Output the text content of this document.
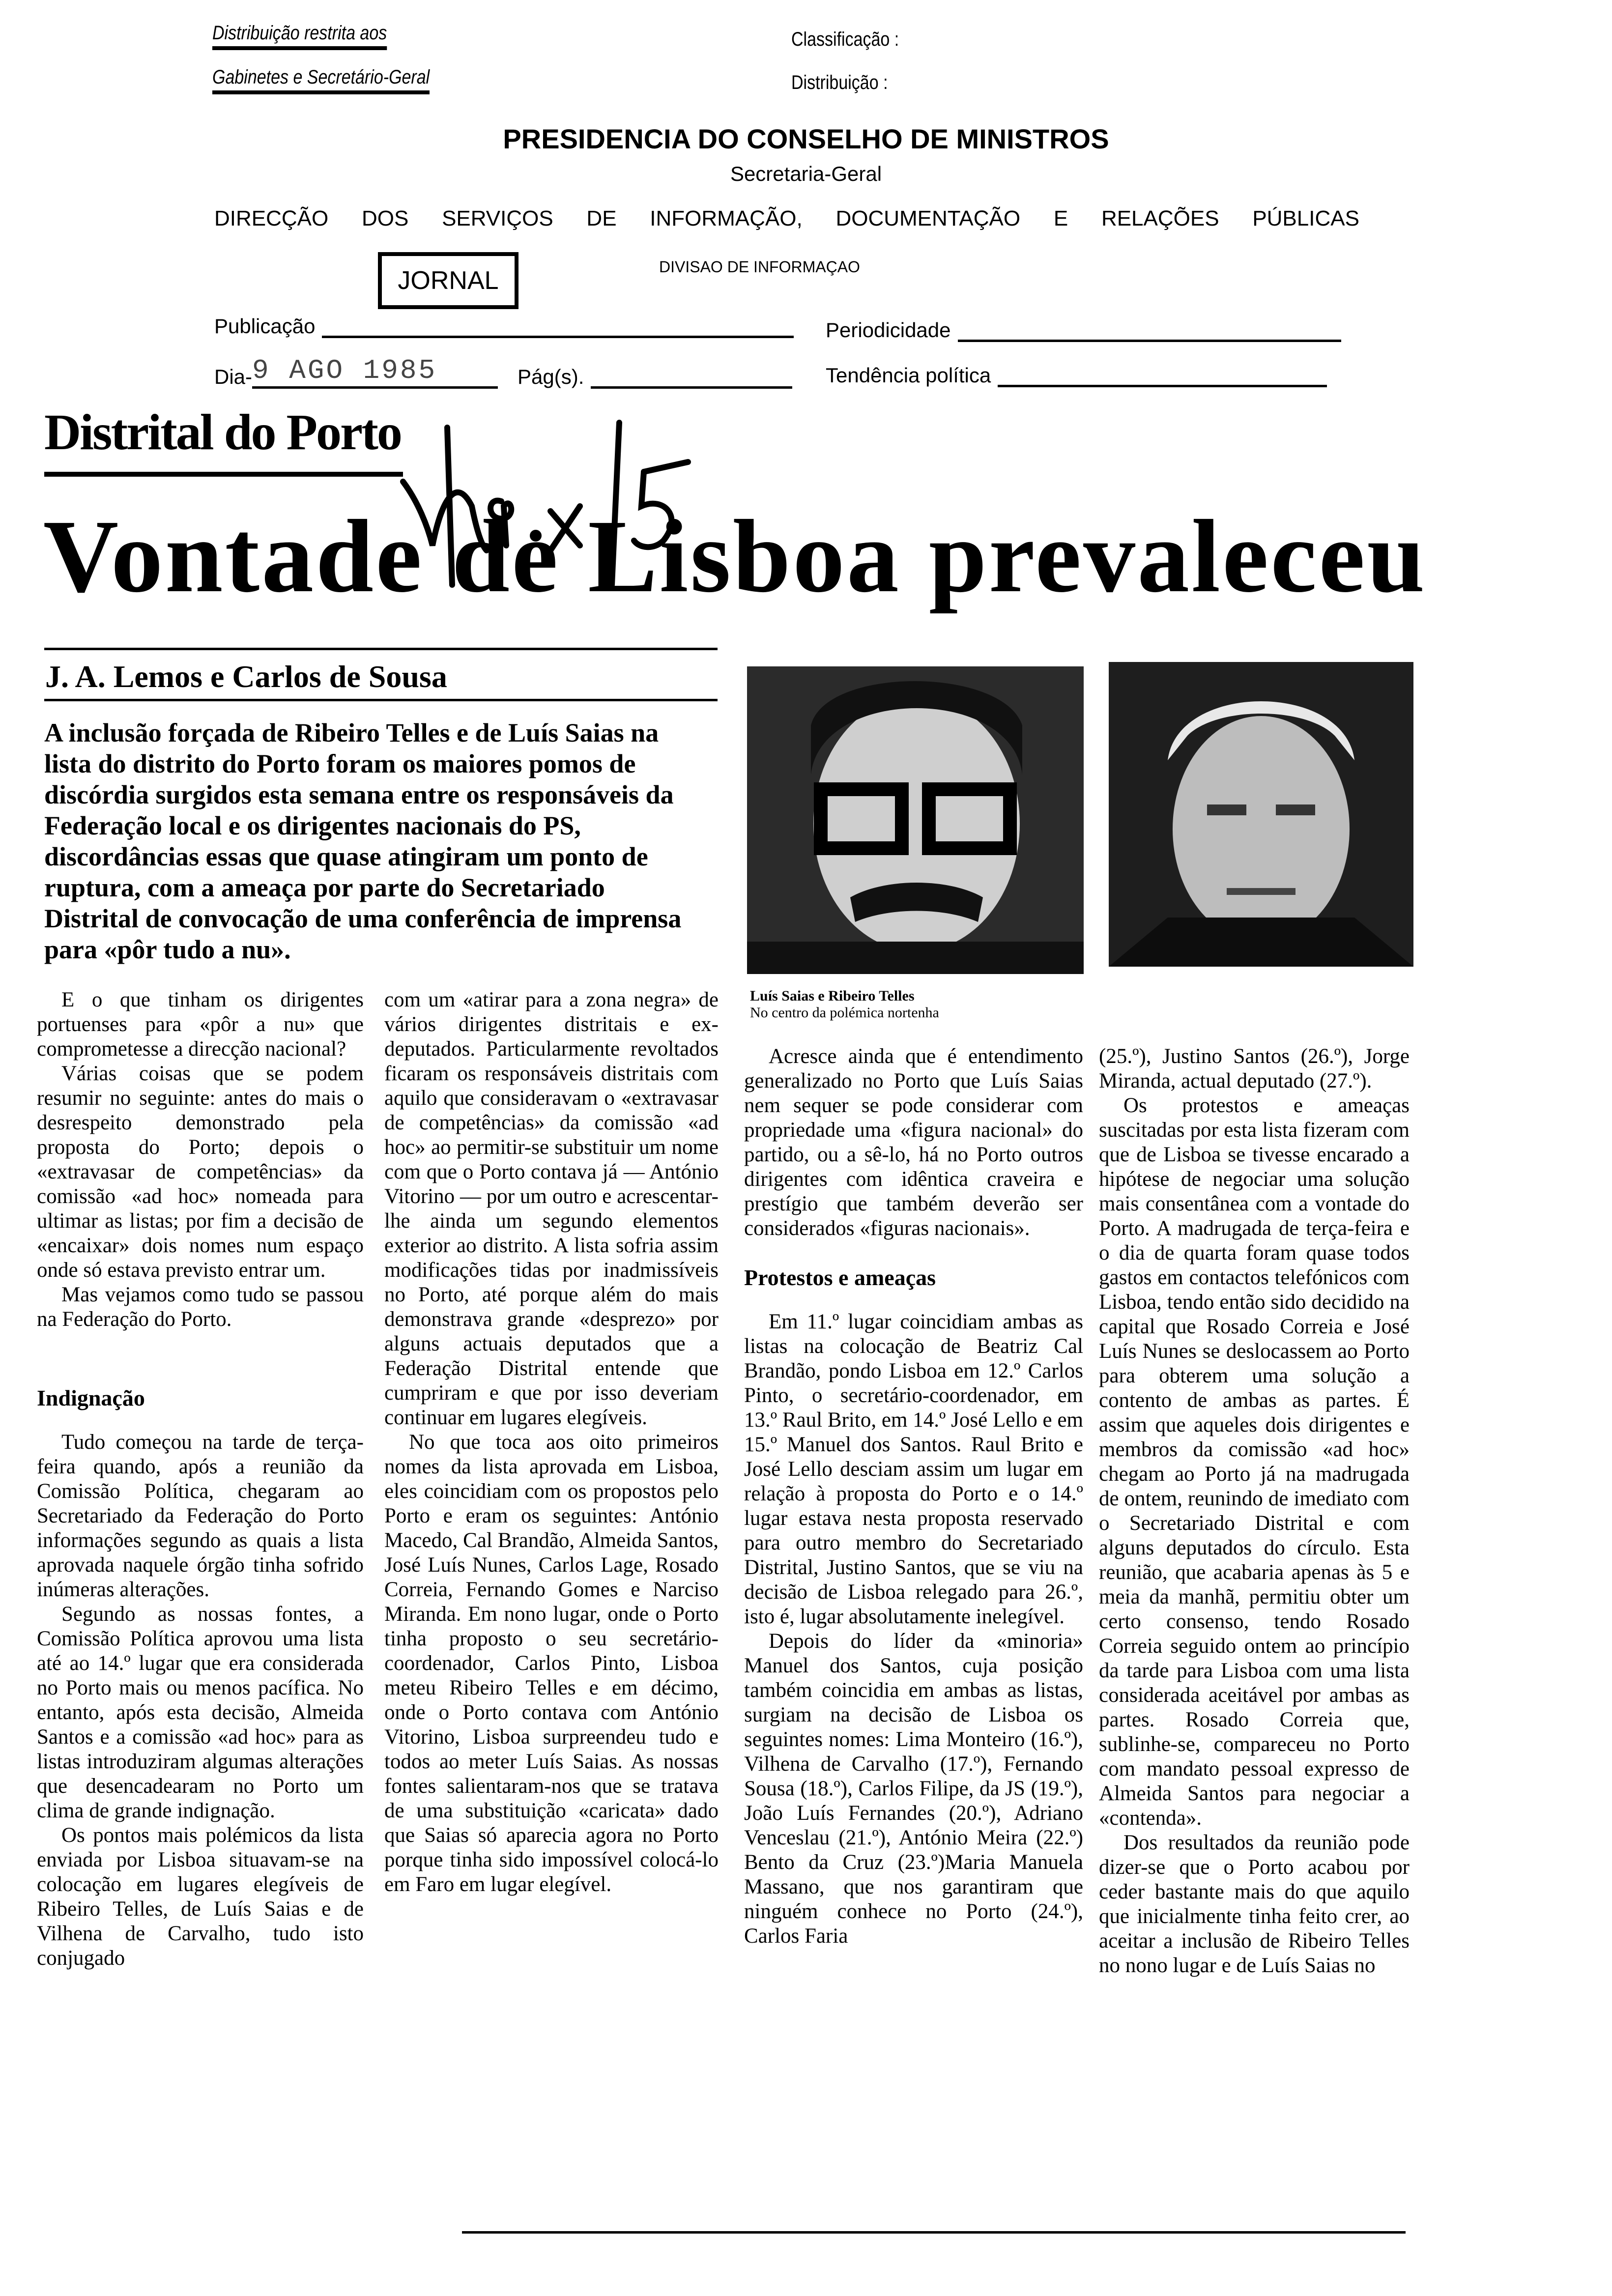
Distribuição restrita aos
Gabinetes e Secretário-Geral
Classificação :
Distribuição :
PRESIDENCIA DO CONSELHO DE MINISTROS
Secretaria-Geral
DIRECÇÃO DOS SERVIÇOS DE INFORMAÇÃO, DOCUMENTAÇÃO E RELAÇÕES PÚBLICAS
JORNAL	DIVISAO DE INFORMAÇAO
Publicação	Periodicidade
Dia- 9 AGO 1985	Pág(s).	Tendência política
Distrital do Porto
Vontade de Lisboa prevaleceu
J. A. Lemos e Carlos de Sousa
A inclusão forçada de Ribeiro Telles e de Luís Saias na lista do distrito do Porto foram os maiores pomos de discórdia surgidos esta semana entre os responsáveis da Federação local e os dirigentes nacionais do PS, discordâncias essas que quase atingiram um ponto de ruptura, com a ameaça por parte do Secretariado Distrital de convocação de uma conferência de imprensa para «pôr tudo a nu».
Luís Saias e Ribeiro Telles
No centro da polémica nortenha

E o que tinham os dirigentes portuenses para «pôr a nu» que comprometesse a direcção nacional?

Várias coisas que se podem resumir no seguinte: antes do mais o desrespeito demonstrado pela proposta do Porto; depois o «extravasar de competências» da comissão «ad hoc» nomeada para ultimar as listas; por fim a decisão de «encaixar» dois nomes num espaço onde só estava previsto entrar um.

Mas vejamos como tudo se passou na Federação do Porto.

Indignação

Tudo começou na tarde de terça-feira quando, após a reunião da Comissão Política, chegaram ao Secretariado da Federação do Porto informações segundo as quais a lista aprovada naquele órgão tinha sofrido inúmeras alterações.

Segundo as nossas fontes, a Comissão Política aprovou uma lista até ao 14.º lugar que era considerada no Porto mais ou menos pacífica. No entanto, após esta decisão, Almeida Santos e a comissão «ad hoc» para as listas introduziram algumas alterações que desencadearam no Porto um clima de grande indignação.

Os pontos mais polémicos da lista enviada por Lisboa situavam-se na colocação em lugares elegíveis de Ribeiro Telles, de Luís Saias e de Vilhena de Carvalho, tudo isto conjugado

com um «atirar para a zona negra» de vários dirigentes distritais e ex-deputados. Particularmente revoltados ficaram os responsáveis distritais com aquilo que consideravam o «extravasar de competências» da comissão «ad hoc» ao permitir-se substituir um nome com que o Porto contava já — António Vitorino — por um outro e acrescentar-lhe ainda um segundo elementos exterior ao distrito. A lista sofria assim modificações tidas por inadmissíveis no Porto, até porque além do mais demonstrava grande «desprezo» por alguns actuais deputados que a Federação Distrital entende que cumpriram e que por isso deveriam continuar em lugares elegíveis.

No que toca aos oito primeiros nomes da lista aprovada em Lisboa, eles coincidiam com os propostos pelo Porto e eram os seguintes: António Macedo, Cal Brandão, Almeida Santos, José Luís Nunes, Carlos Lage, Rosado Correia, Fernando Gomes e Narciso Miranda. Em nono lugar, onde o Porto tinha proposto o seu secretário-coordenador, Carlos Pinto, Lisboa meteu Ribeiro Telles e em décimo, onde o Porto contava com António Vitorino, Lisboa surpreendeu tudo e todos ao meter Luís Saias. As nossas fontes salientaram-nos que se tratava de uma substituição «caricata» dado que Saias só aparecia agora no Porto porque tinha sido impossível colocá-lo em Faro em lugar elegível.

Acresce ainda que é entendimento generalizado no Porto que Luís Saias nem sequer se pode considerar com propriedade uma «figura nacional» do partido, ou a sê-lo, há no Porto outros dirigentes com idêntica craveira e prestígio que também deverão ser considerados «figuras nacionais».

Protestos e ameaças

Em 11.º lugar coincidiam ambas as listas na colocação de Beatriz Cal Brandão, pondo Lisboa em 12.º Carlos Pinto, o secretário-coordenador, em 13.º Raul Brito, em 14.º José Lello e em 15.º Manuel dos Santos. Raul Brito e José Lello desciam assim um lugar em relação à proposta do Porto e o 14.º lugar estava nesta proposta reservado para outro membro do Secretariado Distrital, Justino Santos, que se viu na decisão de Lisboa relegado para 26.º, isto é, lugar absolutamente inelegível.

Depois do líder da «minoria» Manuel dos Santos, cuja posição também coincidia em ambas as listas, surgiam na decisão de Lisboa os seguintes nomes: Lima Monteiro (16.º), Vilhena de Carvalho (17.º), Fernando Sousa (18.º), Carlos Filipe, da JS (19.º), João Luís Fernandes (20.º), Adriano Venceslau (21.º), António Meira (22.º) Bento da Cruz (23.º)Maria Manuela Massano, que nos garantiram que ninguém conhece no Porto (24.º), Carlos Faria

(25.º), Justino Santos (26.º), Jorge Miranda, actual deputado (27.º).

Os protestos e ameaças suscitadas por esta lista fizeram com que de Lisboa se tivesse encarado a hipótese de negociar uma solução mais consentânea com a vontade do Porto. A madrugada de terça-feira e o dia de quarta foram quase todos gastos em contactos telefónicos com Lisboa, tendo então sido decidido na capital que Rosado Correia e José Luís Nunes se deslocassem ao Porto para obterem uma solução a contento de ambas as partes. É assim que aqueles dois dirigentes e membros da comissão «ad hoc» chegam ao Porto já na madrugada de ontem, reunindo de imediato com o Secretariado Distrital e com alguns deputados do círculo. Esta reunião, que acabaria apenas às 5 e meia da manhã, permitiu obter um certo consenso, tendo Rosado Correia seguido ontem ao princípio da tarde para Lisboa com uma lista considerada aceitável por ambas as partes. Rosado Correia que, sublinhe-se, compareceu no Porto com mandato pessoal expresso de Almeida Santos para negociar a «contenda».

Dos resultados da reunião pode dizer-se que o Porto acabou por ceder bastante mais do que aquilo que inicialmente tinha feito crer, ao aceitar a inclusão de Ribeiro Telles no nono lugar e de Luís Saias no
